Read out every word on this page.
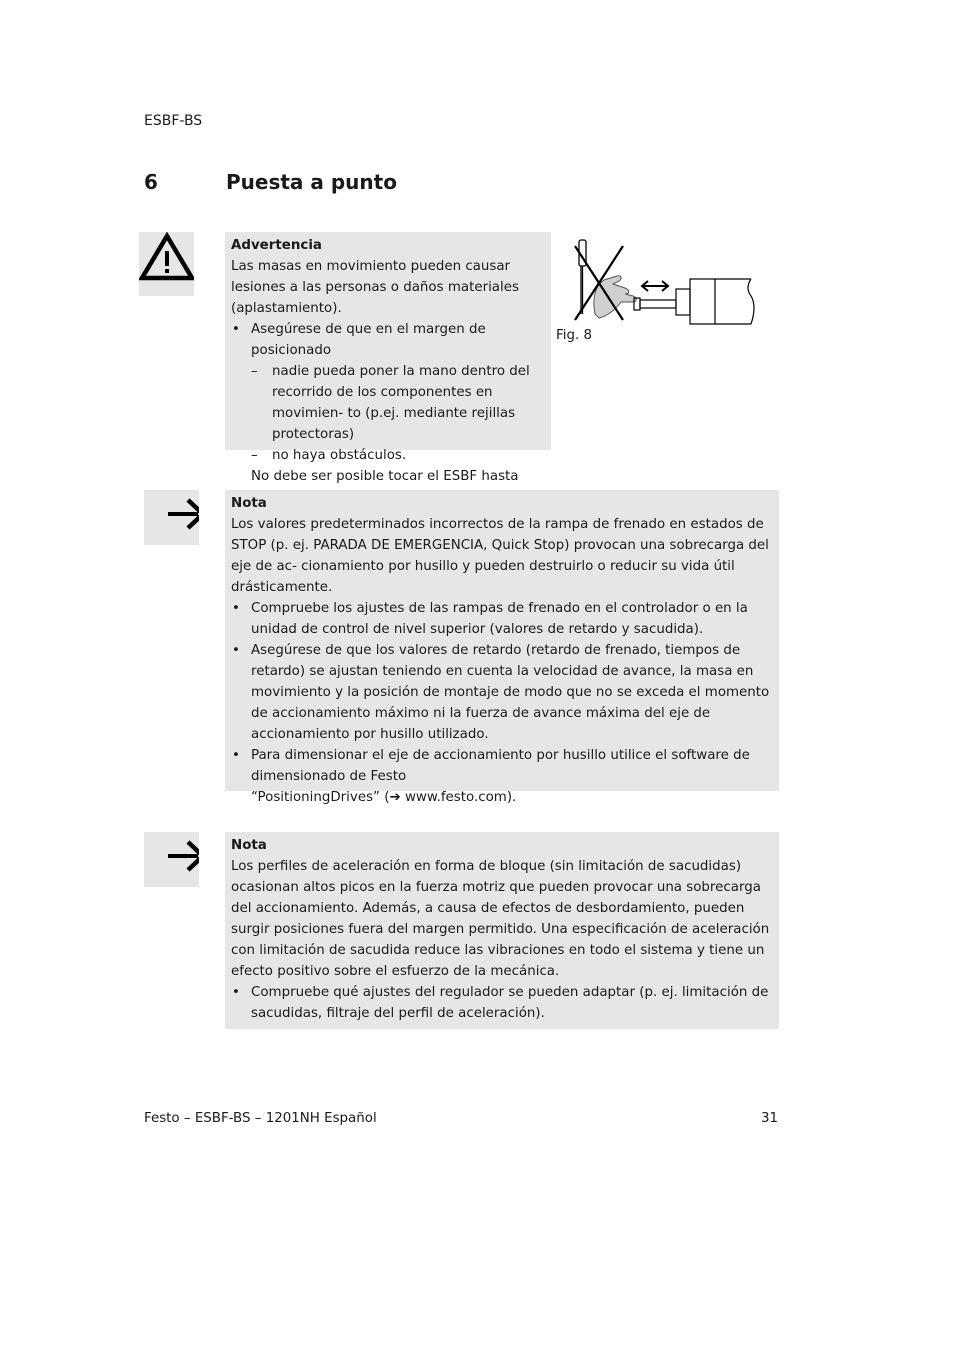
ESBF-BS
6	Puesta a punto
Advertencia

Las masas en movimiento pueden causar lesiones a las personas o daños materiales (aplastamiento).

• Asegúrese de que en el margen de posicionado
– nadie pueda poner la mano dentro del recorrido de los componentes en movimien- to (p.ej. mediante rejillas protectoras)
– no haya obstáculos.

No debe ser posible tocar el ESBF hasta

Fig. 8
Nota

Los valores predeterminados incorrectos de la rampa de frenado en estados de STOP (p. ej. PARADA DE EMERGENCIA, Quick Stop) provocan una sobrecarga del eje de ac- cionamiento por husillo y pueden destruirlo o reducir su vida útil drásticamente.

• Compruebe los ajustes de las rampas de frenado en el controlador o en la unidad de control de nivel superior (valores de retardo y sacudida).
• Asegúrese de que los valores de retardo (retardo de frenado, tiempos de retardo) se ajustan teniendo en cuenta la velocidad de avance, la masa en movimiento y la posición de montaje de modo que no se exceda el momento de accionamiento máximo ni la fuerza de avance máxima del eje de accionamiento por husillo utilizado.
• Para dimensionar el eje de accionamiento por husillo utilice el software de dimensionado de Festo
“PositioningDrives” (➔ www.festo.com).
Nota

Los perfiles de aceleración en forma de bloque (sin limitación de sacudidas) ocasionan altos picos en la fuerza motriz que pueden provocar una sobrecarga del accionamiento. Además, a causa de efectos de desbordamiento, pueden surgir posiciones fuera del margen permitido. Una especificación de aceleración con limitación de sacudida reduce las vibraciones en todo el sistema y tiene un efecto positivo sobre el esfuerzo de la mecánica.

• Compruebe qué ajustes del regulador se pueden adaptar (p. ej. limitación de sacudidas, filtraje del perfil de aceleración).
Festo – ESBF-BS – 1201NH Español	31
